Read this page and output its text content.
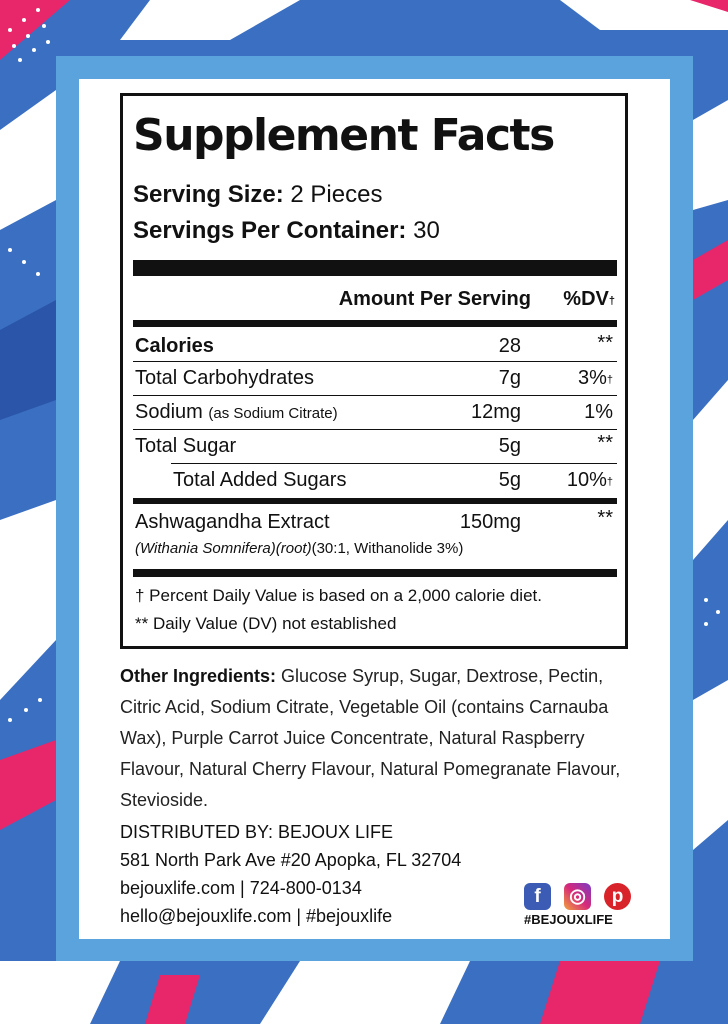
Supplement Facts
Serving Size: 2 Pieces
Servings Per Container: 30
Amount Per Serving %DV†
Calories	28	**
Total Carbohydrates	7g	3%†
Sodium (as Sodium Citrate)	12mg	1%
Total Sugar	5g	**
Total Added Sugars	5g 10%†
Ashwagandha Extract	150mg	**
(Withania Somnifera)(root)(30:1, Withanolide 3%)
† Percent Daily Value is based on a 2,000 calorie diet.
** Daily Value (DV) not established
Other Ingredients: Glucose Syrup, Sugar, Dextrose, Pectin, Citric Acid, Sodium Citrate, Vegetable Oil (contains Carnauba Wax), Purple Carrot Juice Concentrate, Natural Raspberry Flavour, Natural Cherry Flavour, Natural Pomegranate Flavour, Stevioside.
DISTRIBUTED BY: BEJOUX LIFE
581 North Park Ave #20 Apopka, FL 32704
bejouxlife.com | 724-800-0134
hello@bejouxlife.com | #bejouxlife
f	◎	p
#BEJOUXLIFE
